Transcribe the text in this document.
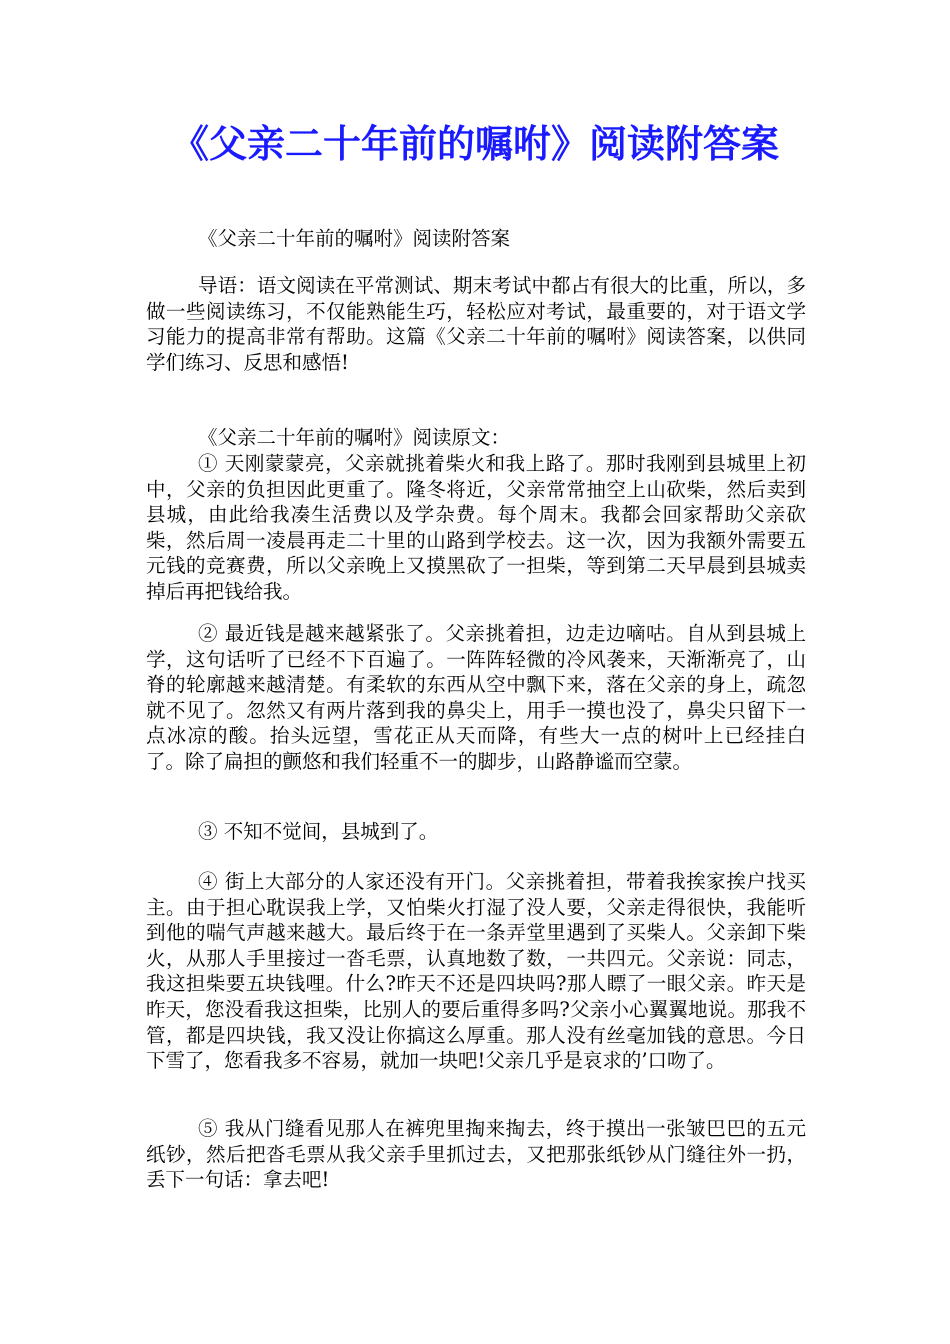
《父亲二十年前的嘱咐》阅读附答案

《父亲二十年前的嘱咐》阅读附答案

导语：语文阅读在平常测试、期末考试中都占有很大的比重，所以，多做一些阅读练习，不仅能熟能生巧，轻松应对考试，最重要的，对于语文学习能力的提高非常有帮助。这篇《父亲二十年前的嘱咐》阅读答案，以供同学们练习、反思和感悟!

《父亲二十年前的嘱咐》阅读原文：

① 天刚蒙蒙亮，父亲就挑着柴火和我上路了。那时我刚到县城里上初中，父亲的负担因此更重了。隆冬将近，父亲常常抽空上山砍柴，然后卖到县城，由此给我凑生活费以及学杂费。每个周末。我都会回家帮助父亲砍柴，然后周一凌晨再走二十里的山路到学校去。这一次，因为我额外需要五元钱的竞赛费，所以父亲晚上又摸黑砍了一担柴，等到第二天早晨到县城卖掉后再把钱给我。

② 最近钱是越来越紧张了。父亲挑着担，边走边嘀咕。自从到县城上学，这句话听了已经不下百遍了。一阵阵轻微的冷风袭来，天渐渐亮了，山脊的轮廓越来越清楚。有柔软的东西从空中飘下来，落在父亲的身上，疏忽就不见了。忽然又有两片落到我的鼻尖上，用手一摸也没了，鼻尖只留下一点冰凉的酸。抬头远望，雪花正从天而降，有些大一点的树叶上已经挂白了。除了扁担的颤悠和我们轻重不一的脚步，山路静谧而空蒙。

③ 不知不觉间，县城到了。

④ 街上大部分的人家还没有开门。父亲挑着担，带着我挨家挨户找买主。由于担心耽误我上学，又怕柴火打湿了没人要，父亲走得很快，我能听到他的喘气声越来越大。最后终于在一条弄堂里遇到了买柴人。父亲卸下柴火，从那人手里接过一沓毛票，认真地数了数，一共四元。父亲说：同志，我这担柴要五块钱哩。什么?昨天不还是四块吗?那人瞟了一眼父亲。昨天是昨天，您没看我这担柴，比别人的要后重得多吗?父亲小心翼翼地说。那我不管，都是四块钱，我又没让你搞这么厚重。那人没有丝毫加钱的意思。今日下雪了，您看我多不容易，就加一块吧!父亲几乎是哀求的’口吻了。

⑤ 我从门缝看见那人在裤兜里掏来掏去，终于摸出一张皱巴巴的五元纸钞，然后把沓毛票从我父亲手里抓过去，又把那张纸钞从门缝往外一扔，丢下一句话：拿去吧!
